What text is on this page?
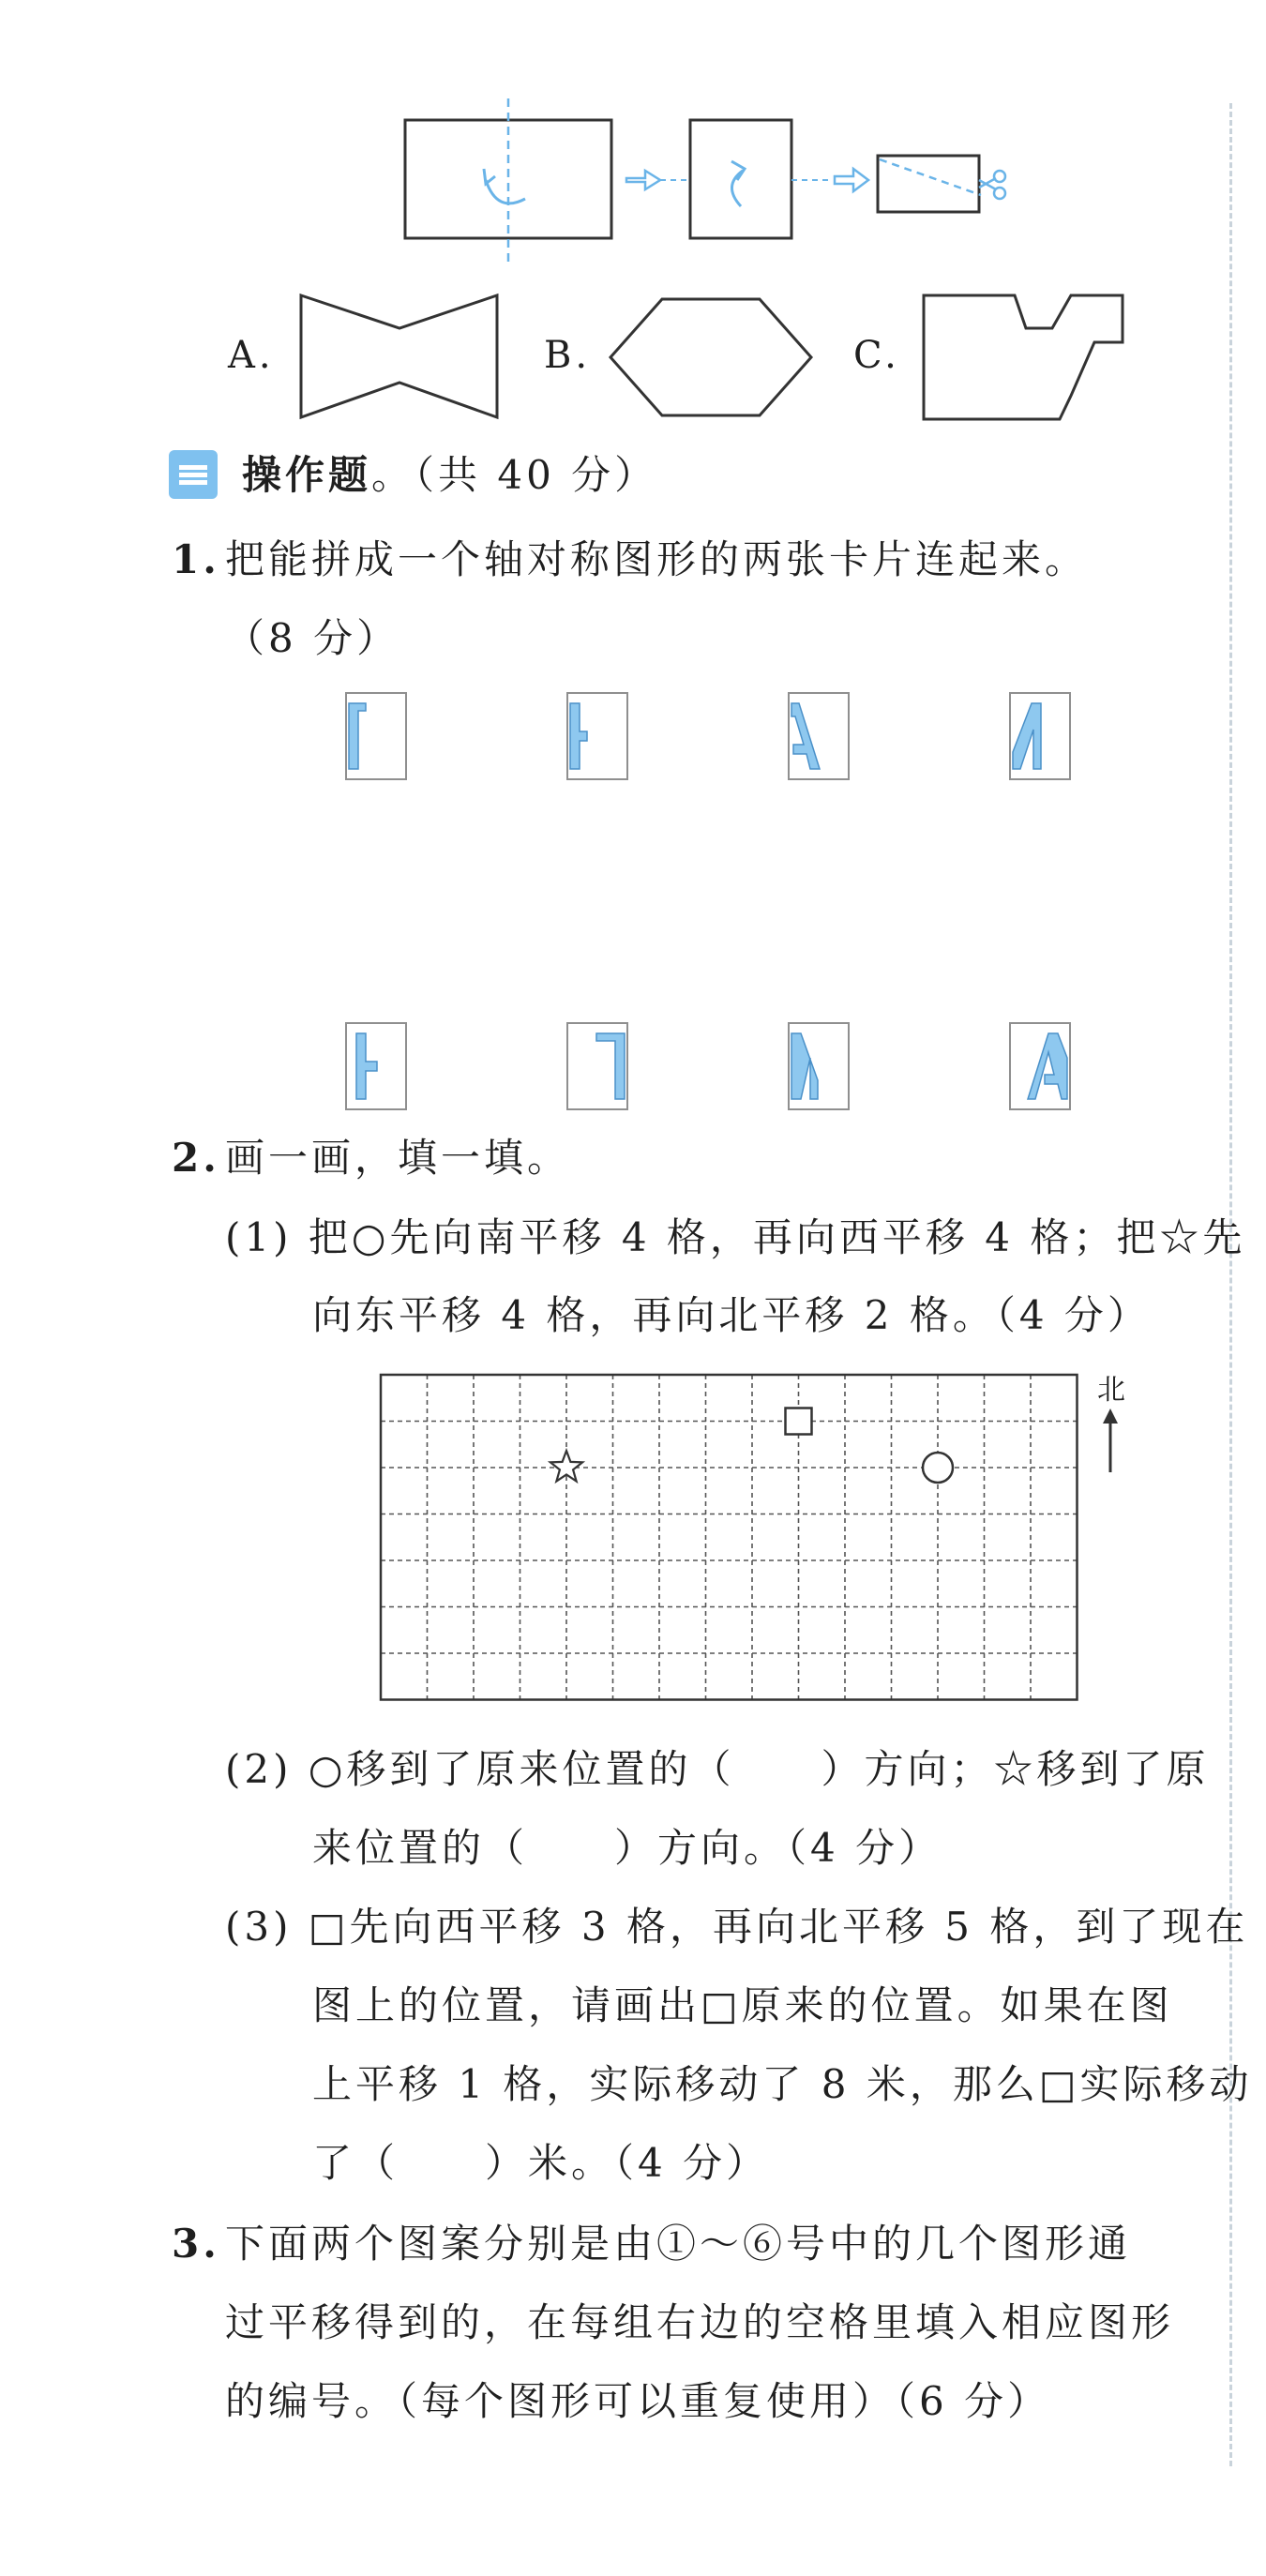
A.	B.	C.
操作题。（共 40 分）
1. 把能拼成一个轴对称图形的两张卡片连起来。
（8 分）
2. 画一画，填一填。
(1) 把○先向南平移 4 格，再向西平移 4 格；把☆先
向东平移 4 格，再向北平移 2 格。（4 分）
北
(2) ○移到了原来位置的（　　）方向；☆移到了原
来位置的（　　）方向。（4 分）
(3) □先向西平移 3 格，再向北平移 5 格，到了现在
图上的位置，请画出□原来的位置。如果在图
上平移 1 格，实际移动了 8 米，那么□实际移动
了（　　）米。（4 分）
3. 下面两个图案分别是由①～⑥号中的几个图形通
过平移得到的，在每组右边的空格里填入相应图形
的编号。（每个图形可以重复使用）（6 分）
